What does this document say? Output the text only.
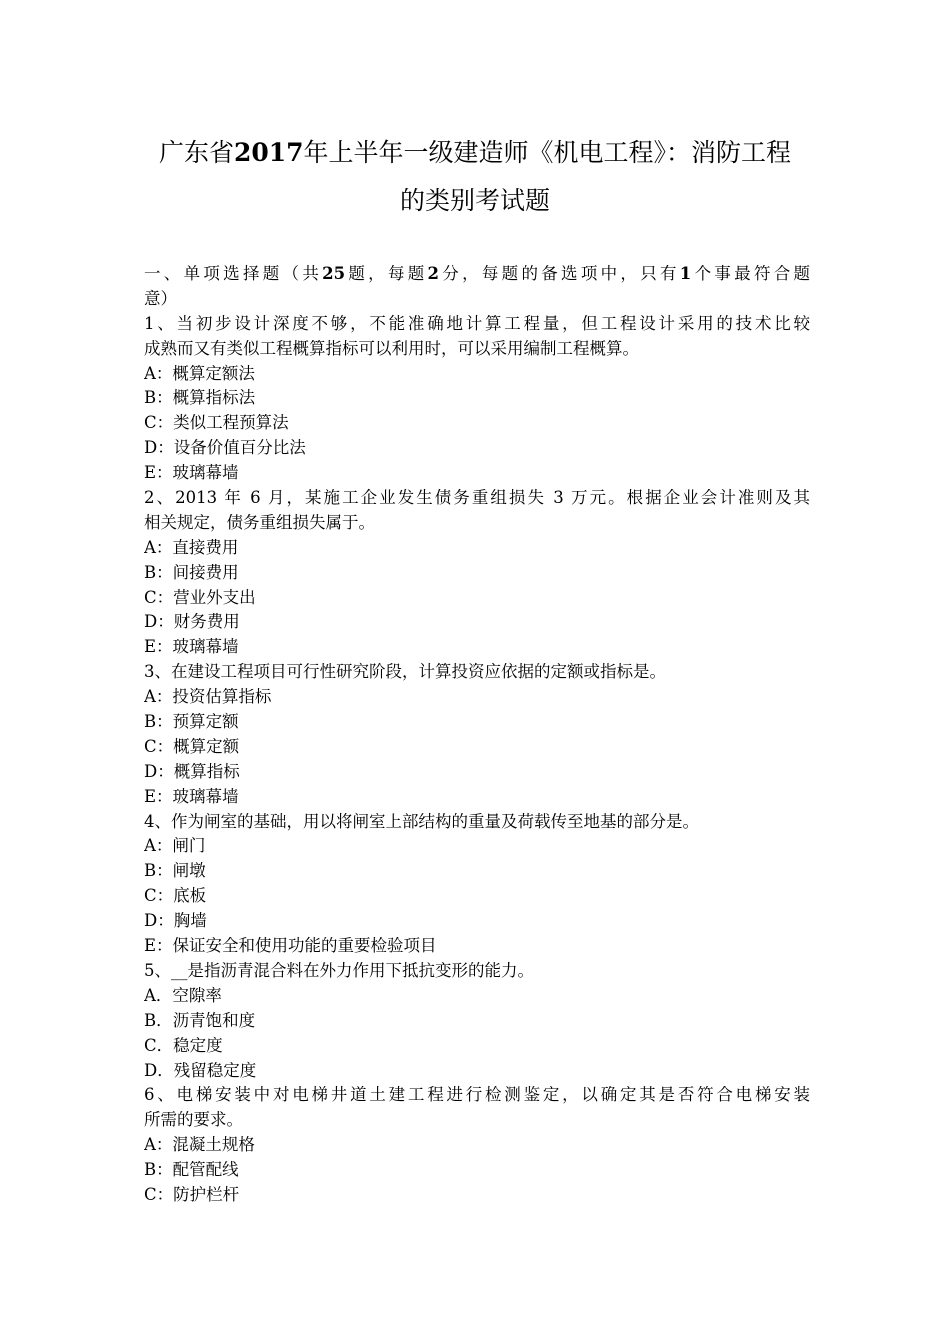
广东省2017年上半年一级建造师《机电工程》：消防工程
的类别考试题
一、单项选择题（共25题，每题2分，每题的备选项中，只有1个事最符合题
意）
1、当初步设计深度不够，不能准确地计算工程量，但工程设计采用的技术比较
成熟而又有类似工程概算指标可以利用时，可以采用编制工程概算。
A：概算定额法
B：概算指标法
C：类似工程预算法
D：设备价值百分比法
E：玻璃幕墙
2、2013 年 6 月，某施工企业发生债务重组损失 3 万元。根据企业会计准则及其
相关规定，债务重组损失属于。
A：直接费用
B：间接费用
C：营业外支出
D：财务费用
E：玻璃幕墙
3、在建设工程项目可行性研究阶段，计算投资应依据的定额或指标是。
A：投资估算指标
B：预算定额
C：概算定额
D：概算指标
E：玻璃幕墙
4、作为闸室的基础，用以将闸室上部结构的重量及荷载传至地基的部分是。
A：闸门
B：闸墩
C：底板
D：胸墙
E：保证安全和使用功能的重要检验项目
5、__是指沥青混合料在外力作用下抵抗变形的能力。
A．空隙率
B．沥青饱和度
C．稳定度
D．残留稳定度
6、电梯安装中对电梯井道土建工程进行检测鉴定，以确定其是否符合电梯安装
所需的要求。
A：混凝土规格
B：配管配线
C：防护栏杆
